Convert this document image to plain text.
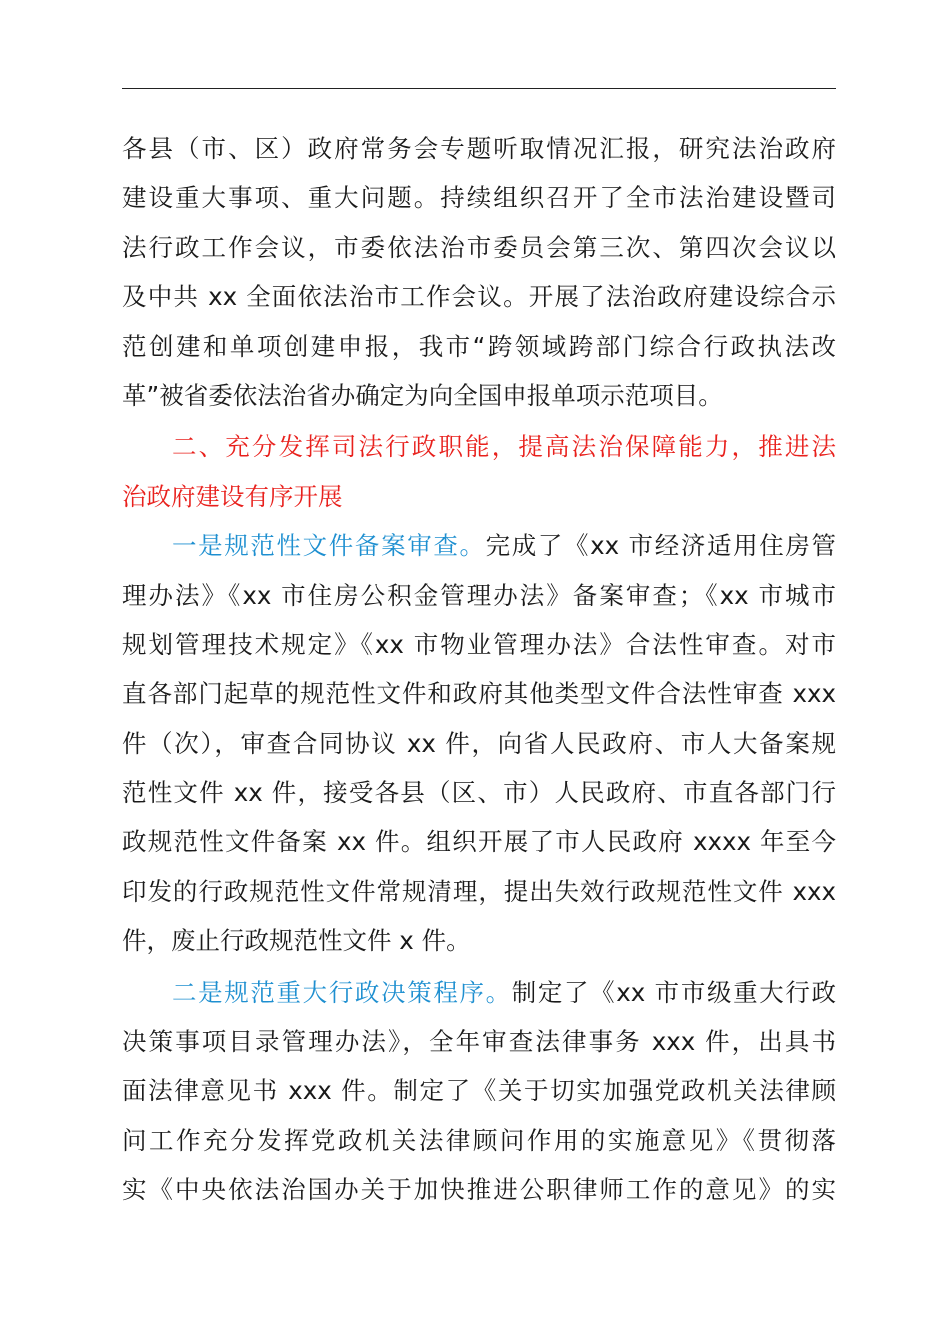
各县（市、区）政府常务会专题听取情况汇报，研究法治政府
建设重大事项、重大问题。持续组织召开了全市法治建设暨司
法行政工作会议，市委依法治市委员会第三次、第四次会议以
及中共 xx 全面依法治市工作会议。开展了法治政府建设综合示
范创建和单项创建申报，我市“跨领域跨部门综合行政执法改
革”被省委依法治省办确定为向全国申报单项示范项目。
二、充分发挥司法行政职能，提高法治保障能力，推进法
治政府建设有序开展
一是规范性文件备案审查。完成了《xx 市经济适用住房管
理办法》《xx 市住房公积金管理办法》备案审查；《xx 市城市
规划管理技术规定》《xx 市物业管理办法》合法性审查。对市
直各部门起草的规范性文件和政府其他类型文件合法性审查 xxx
件（次），审查合同协议 xx 件，向省人民政府、市人大备案规
范性文件 xx 件，接受各县（区、市）人民政府、市直各部门行
政规范性文件备案 xx 件。组织开展了市人民政府 xxxx 年至今
印发的行政规范性文件常规清理，提出失效行政规范性文件 xxx
件，废止行政规范性文件 x 件。
二是规范重大行政决策程序。制定了《xx 市市级重大行政
决策事项目录管理办法》，全年审查法律事务 xxx 件，出具书
面法律意见书 xxx 件。制定了《关于切实加强党政机关法律顾
问工作充分发挥党政机关法律顾问作用的实施意见》《贯彻落
实《中央依法治国办关于加快推进公职律师工作的意见》的实
